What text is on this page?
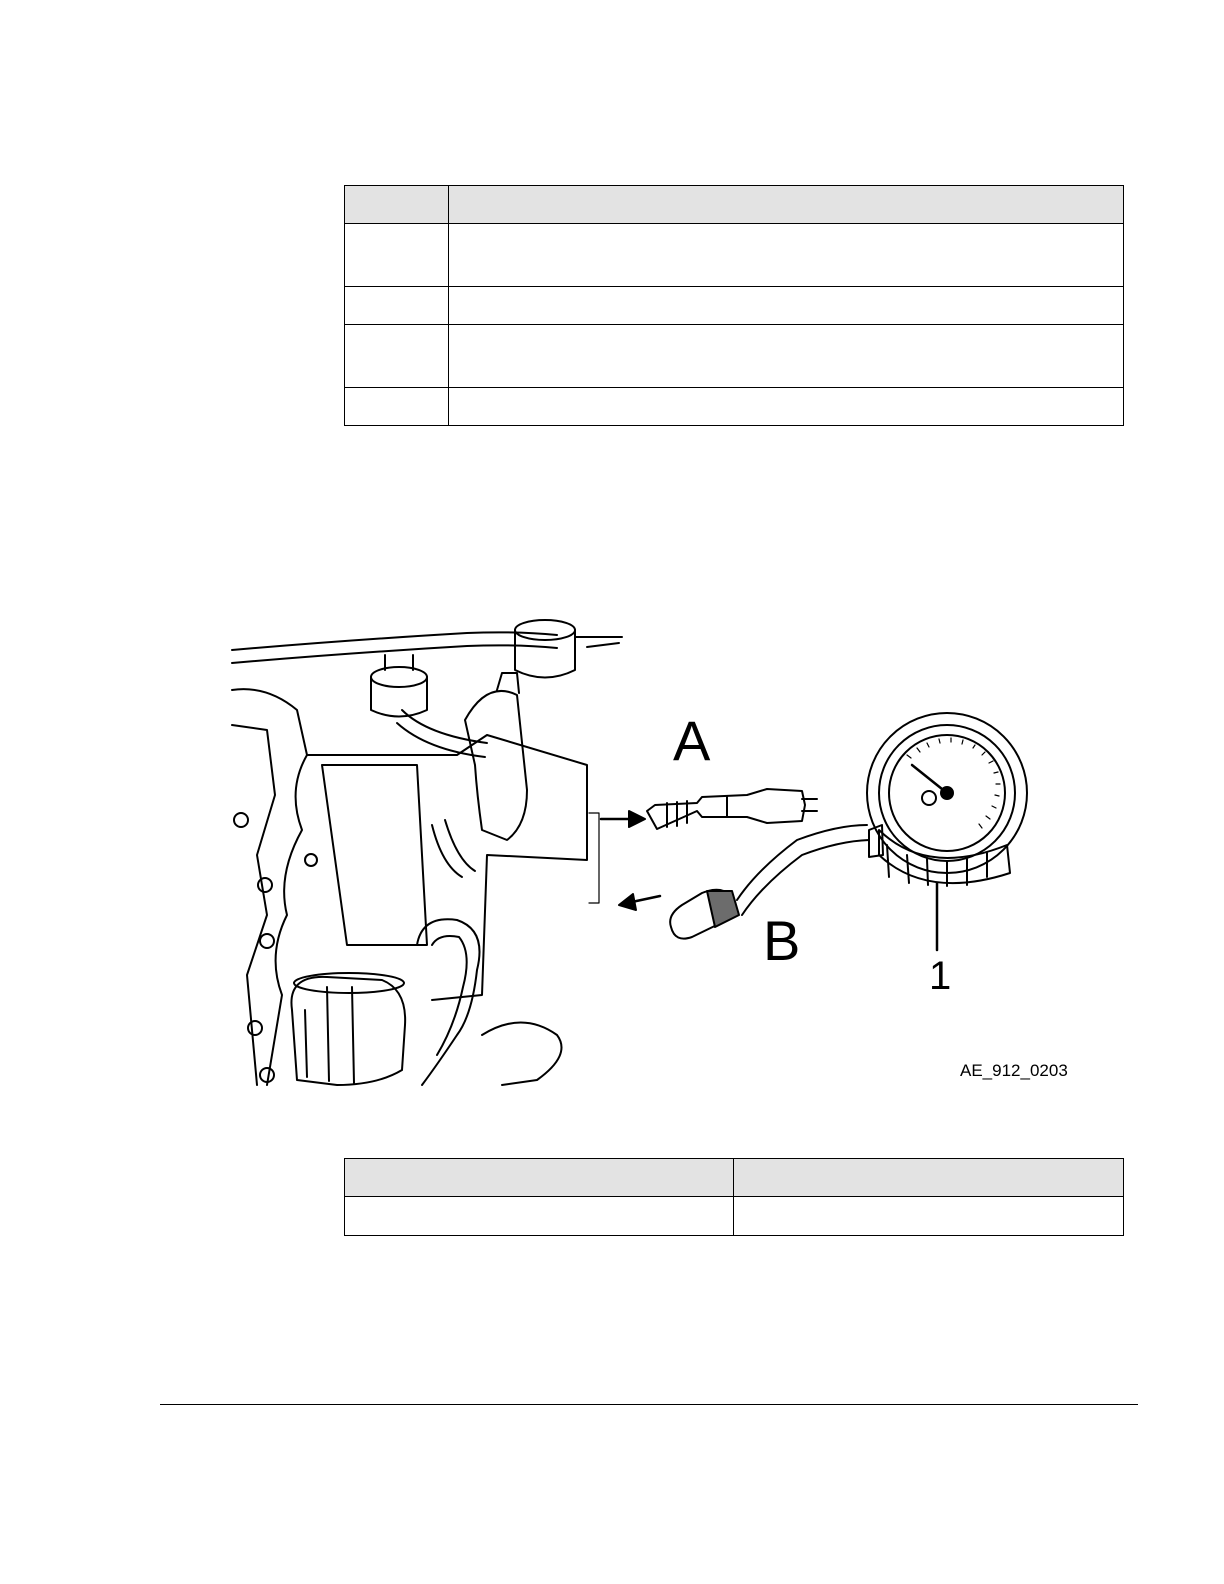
A
B
1
AE_912_0203
